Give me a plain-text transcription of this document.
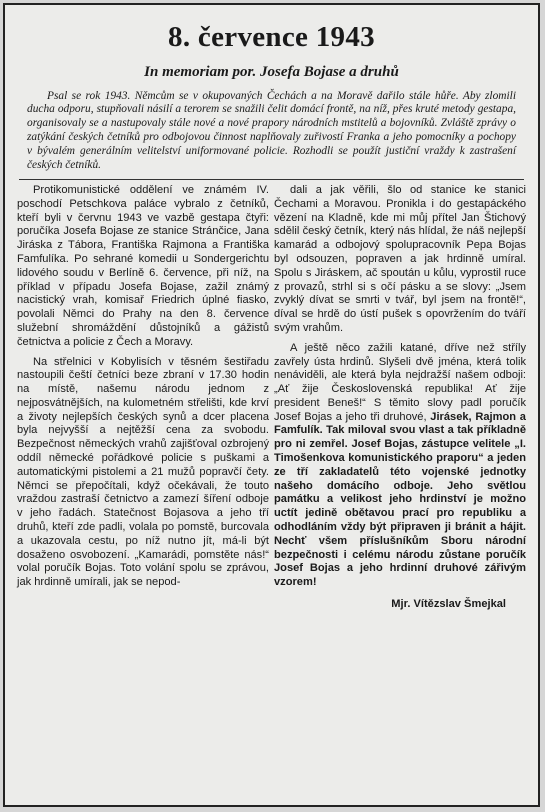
8. července 1943
In memoriam por. Josefa Bojase a druhů
Psal se rok 1943. Němcům se v okupovaných Čechách a na Moravě dařilo stále hůře. Aby zlomili ducha odporu, stupňovali násilí a terorem se snažili čelit domácí frontě, na níž, přes kruté metody gestapa, organisovaly se a nastupovaly stále nové a nové prapory národních mstitelů a bojovníků. Zvláště zprávy o zatýkání českých četníků pro odbojovou činnost naplňovaly zuřivostí Franka a jeho pomocníky a pochopy v bývalém generálním velitelství uniformované policie. Rozhodli se použít justiční vraždy k zastrašení českých četníků.

Protikomunistické oddělení ve známém IV. poschodí Petschkova paláce vybralo z četníků, kteří byli v červnu 1943 ve vazbě gestapa čtyři: poručíka Josefa Bojase ze stanice Stránčice, Jana Jiráska z Tábora, Františka Rajmona a Františka Famfulíka. Po sehrané komedii u Sondergerichtu lidového soudu v Berlíně 6. července, při níž, na příklad v případu Josefa Bojase, zažil známý nacistický vrah, komisař Friedrich úplné fiasko, povolali Němci do Prahy na den 8. července služební shromáždění důstojníků a gážistů četnictva a policie z Čech a Moravy.

Na střelnici v Kobylisích v těsném šestiřadu nastoupili čeští četníci beze zbraní v 17.30 hodin na místě, našemu národu jednom z nejposvátnějších, na kulometném střelišti, kde krví a životy nejlepších českých synů a dcer placena byla nejvyšší a nejtěžší cena za svobodu. Bezpečnost německých vrahů zajišťoval ozbrojený oddíl německé pořádkové policie s puškami a automatickými pistolemi a 21 mužů popravčí čety. Němci se přepočítali, když očekávali, že touto vraždou zastraší četnictvo a zamezí šíření odboje v jeho řadách. Statečnost Bojasova a jeho tří druhů, kteří zde padli, volala po pomstě, burcovala a ukazovala cestu, po níž nutno jít, má-li být dosaženo osvobození. „Kamarádi, pomstěte nás!“ volal poručík Bojas. Toto volání spolu se zprávou, jak hrdinně umírali, jak se nepod-

dali a jak věřili, šlo od stanice ke stanici Čechami a Moravou. Pronikla i do gestapáckého vězení na Kladně, kde mi můj přítel Jan Štichový sdělil český četník, který nás hlídal, že náš nejlepší kamarád a odbojový spolupracovník Pepa Bojas byl odsouzen, popraven a jak hrdinně umíral. Spolu s Jiráskem, ač spoután u kůlu, vyprostil ruce z provazů, strhl si s očí pásku a se slovy: „Jsem zvyklý dívat se smrti v tvář, byl jsem na frontě!“, díval se hrdě do ústí pušek s opovržením do tváří svým vrahům.

A ještě něco zažili katané, dříve než stříly zavřely ústa hrdinů. Slyšeli dvě jména, která tolik nenáviděli, ale která byla nejdražší našem odboji: „Ať žije Československá republika! Ať žije president Beneš!“ S těmito slovy padl poručík Josef Bojas a jeho tři druhové, Jirásek, Rajmon a Famfulík. Tak miloval svou vlast a tak příkladně pro ni zemřel. Josef Bojas, zástupce velitele „I. Timošenkova komunistického praporu“ a jeden ze tří zakladatelů této vojenské jednotky našeho domácího odboje. Jeho světlou památku a velikost jeho hrdinství je možno uctít jedině obětavou prací pro republiku a odhodláním vždy být připraven ji bránit a hájit. Nechť všem příslušníkům Sboru národní bezpečnosti i celému národu zůstane poručík Josef Bojas a jeho hrdinní druhové zářivým vzorem!

Mjr. Vítězslav Šmejkal
